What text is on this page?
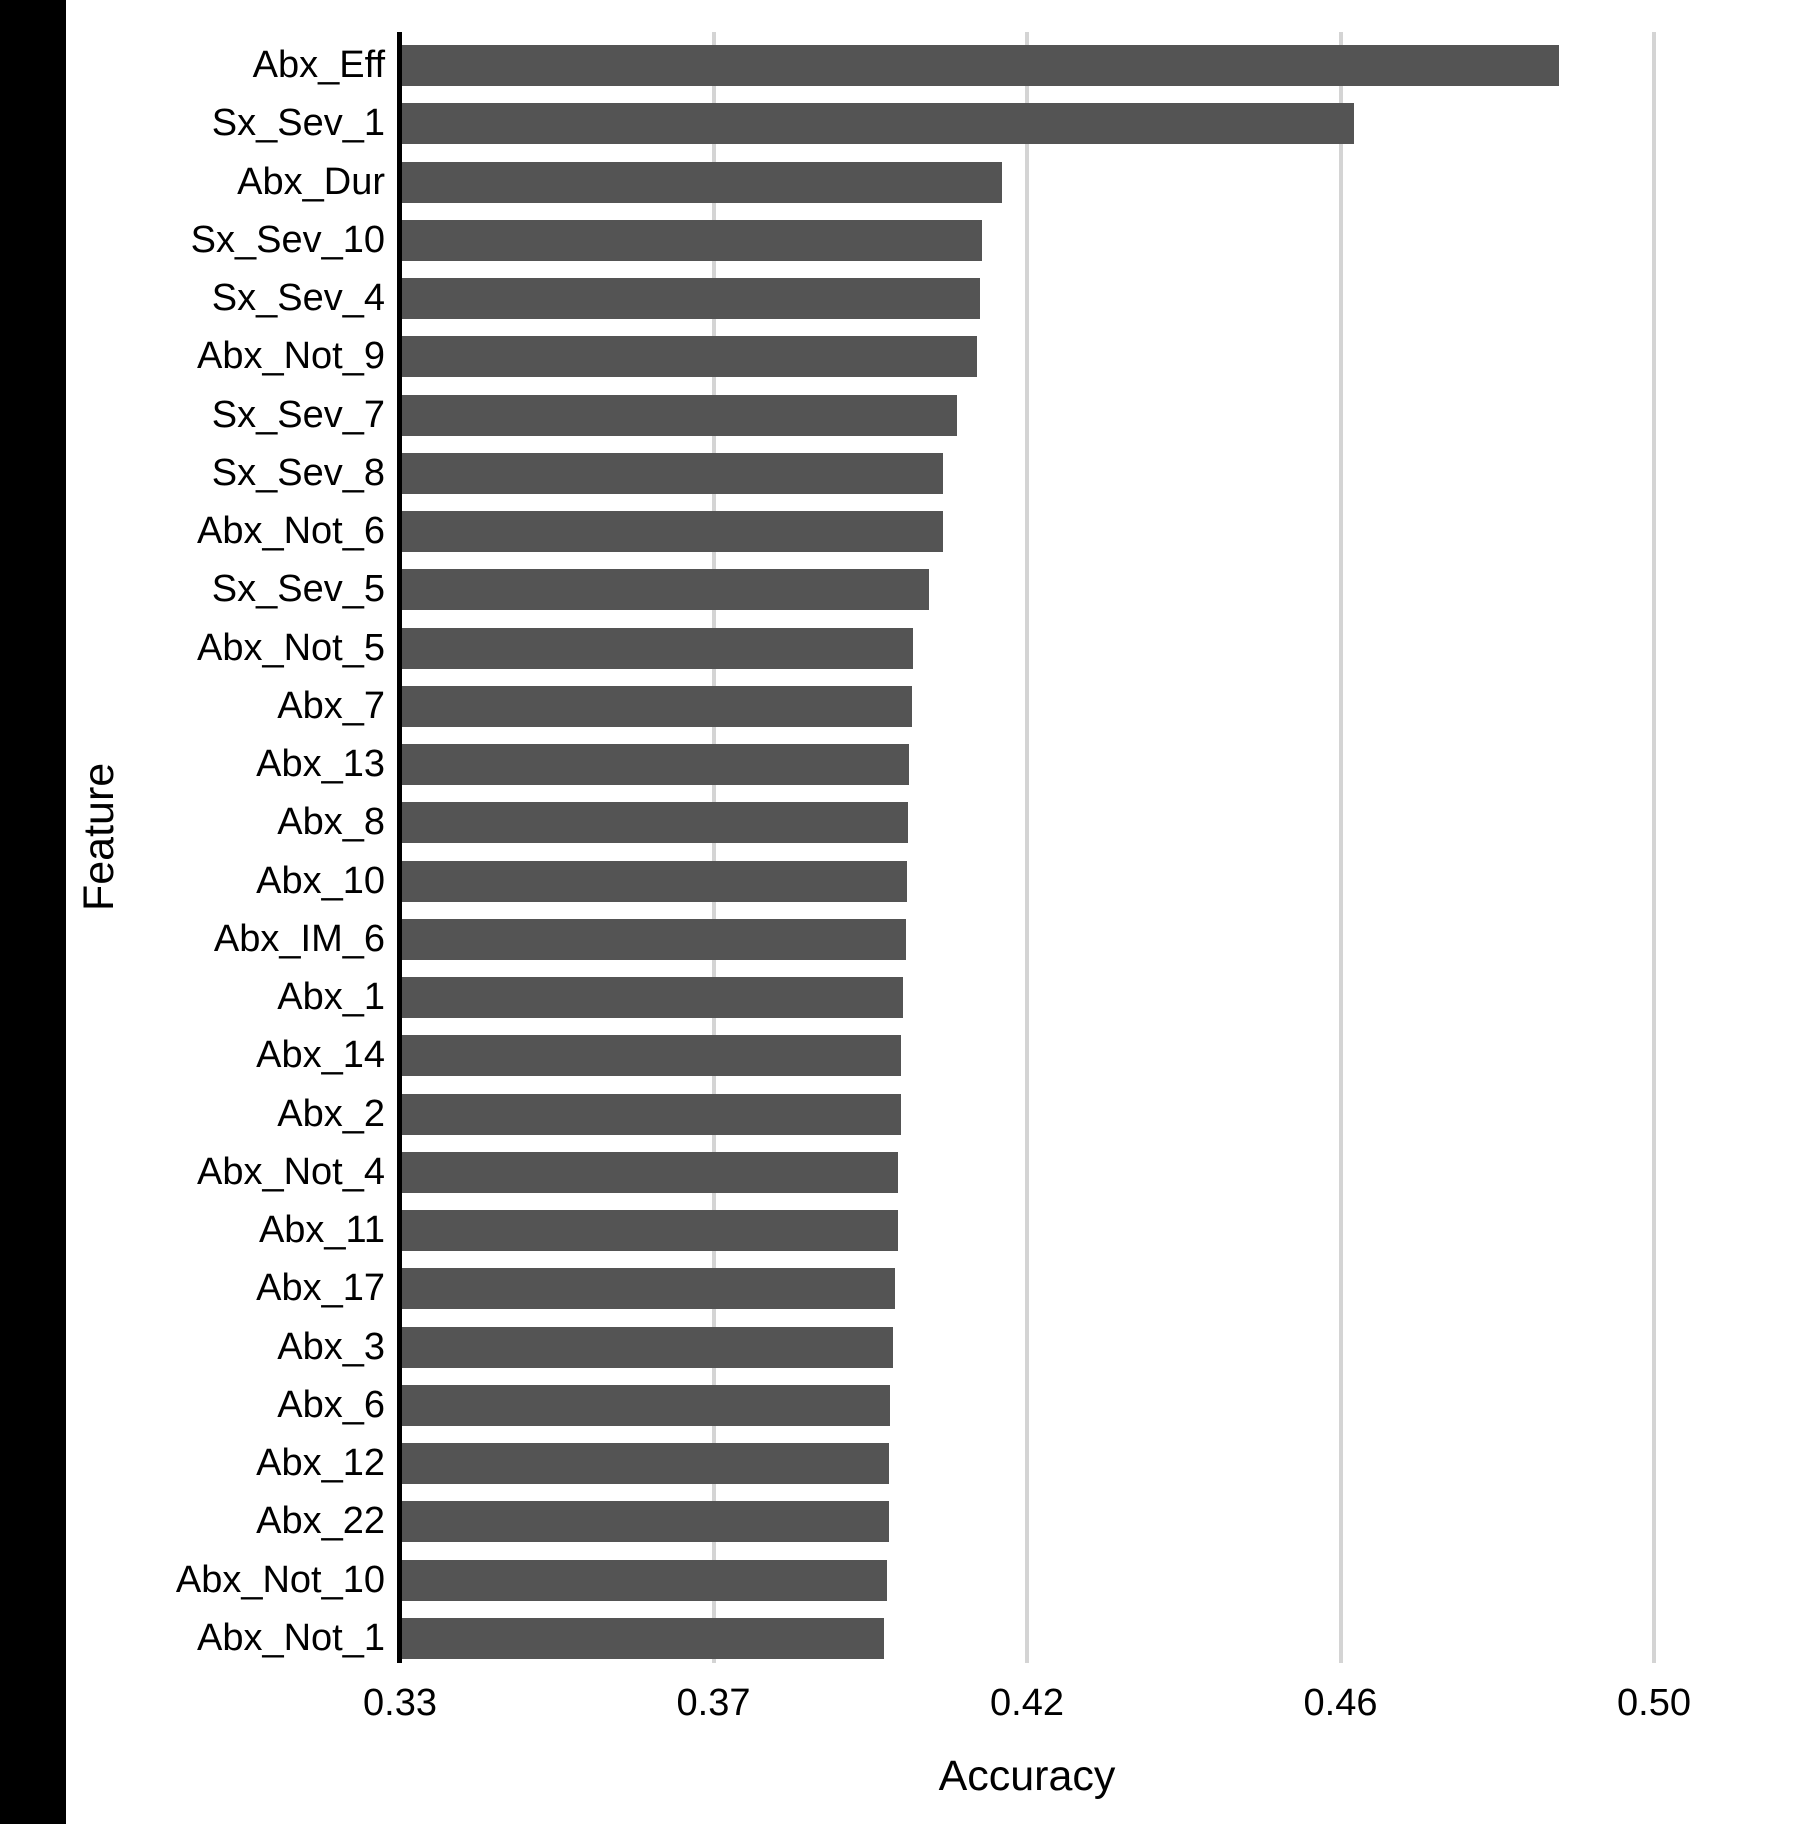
Feature
Abx_Eff
Sx_Sev_1
Abx_Dur
Sx_Sev_10
Sx_Sev_4
Abx_Not_9
Sx_Sev_7
Sx_Sev_8
Abx_Not_6
Sx_Sev_5
Abx_Not_5
Abx_7
Abx_13
Abx_8
Abx_10
Abx_IM_6
Abx_1
Abx_14
Abx_2
Abx_Not_4
Abx_11
Abx_17
Abx_3
Abx_6
Abx_12
Abx_22
Abx_Not_10
Abx_Not_1
0.33	0.37	0.42	0.46	0.50
Accuracy
